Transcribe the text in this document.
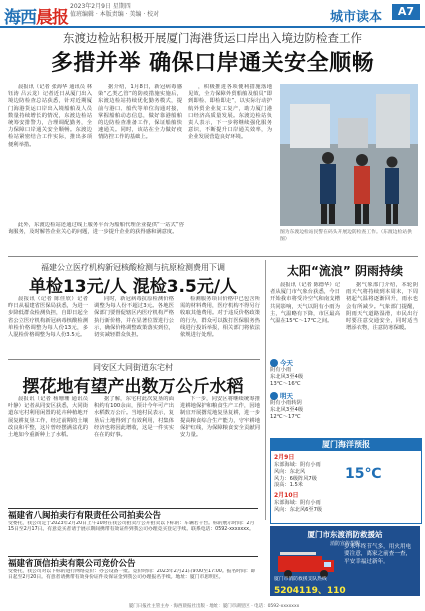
海西晨报
2023年2月9日 星期四
值班编辑 · 本版责编 · 美编 · 校对	城市读本	A7
东渡边检站积极开展厦门海港货运口岸出入境边防检查工作
多措并举 确保口岸通关安全顺畅

晨报讯（记者 张海华 通讯员 林钰涛 吕云龙）记者近日从厦门出入境边防检查总站获悉，针对近期厦门海港货运口岸出入境船舶及人员数量持续增长的情况，东渡边检站统筹安排警力，合理调配勤务，全力保障口岸通关安全顺畅。东渡边检站紧密结合工作实际，推出多项便利举措。

据介绍，1月8日，新冠病毒感染“乙类乙管”的防疫措施实施后，东渡边检站持续优化勤务模式，提前与港口、船代等单位沟通对接，掌握船舶动态信息，做好靠港船舶的边防检查准备工作，保证船舶快速通关。同时，该站在全力做好疫情防控工作的基础上。

，积极推进各项便利措施落地见效，全力保障外贸船舶及船员“即到即检、即检即走”，以实际行动护航外贸企业复工复产，助力厦门港口经济高质量发展。东渡边检站负责人表示，下一步将继续强化服务意识，不断提升口岸通关效率，为企业发展营造良好环境。

此外，东渡边检站还通过线上服务平台为船舶代理企业提供“一站式”咨询服务，及时解答企业关心的问题，进一步提升企业的获得感和满意度。	图为东渡边检站民警在码头开展边防检查工作。（东渡边检站供图）
福建公立医疗机构新冠核酸检测与抗原检测费用下调
单检13元/人 混检3.5元/人

晨报讯（记者 陈佳欣）记者昨日从福建省医保局获悉，为进一步降低群众检测负担，自即日起全省公立医疗机构新冠病毒核酸检测单检价格调整为每人份13元，多人混检价格调整为每人份3.5元。

同时，新冠病毒抗原检测价格调整为每人份不超过3元。各地医保部门要督促辖区内医疗机构严格执行新价格，并在显著位置进行公示，确保价格调整政策落实到位，切实减轻群众负担。

检测服务项目价格中已包含所需的材料费用，医疗机构不得另行收取其他费用。对于违反价格政策的行为，群众可以拨打医保服务热线进行投诉举报，相关部门将依法依规进行处理。

太阳“流浪” 阴雨持续

晨报讯（记者 陈德华）记者从厦门市气象台获悉，今日开始我市将受冷空气和南支槽共同影响，天气以阴有小雨为主，气温略有下降，市区最高气温在15℃～17℃之间。

据气象部门介绍，本轮阴雨天气将持续到本周末，下周初起气温将逐渐回升，雨水也会有所减少。气象部门提醒，阴雨天气道路湿滑，市民出行时要注意交通安全，同时适当增添衣物，注意防寒保暖。

今天
阴有小雨
东北风3至4级
13℃～16℃
明天
阴有小雨转阴
东北风3至4级
12℃～17℃
同安区大同街道东宅村
摆花地有望产出数万公斤水稻

晨报讯（记者 杨珊珊 通讯员 叶静）记者从同安区获悉，大同街道东宅村利用闲置的花卉种植地开展复耕复垦工作，经过前期的土壤改良和平整，这片曾经摆满盆花的土地如今重新种上了水稻。

据了解，东宅村此次复垦的面积约有100余亩，预计今年可产出水稻数万公斤。当地村民表示，复垦后土地得到了有效利用，村集体经济也将因此增收，这是一件实实在在的好事。

下一步，同安区将继续统筹推进耕地保护和粮食生产工作，因地制宜开展撂荒地复垦复耕，进一步提高粮食综合生产能力，守牢耕地保护红线，为保障粮食安全贡献同安力量。

福建省八闽拍卖行有限责任公司拍卖公告
受委托，我公司定于2023年2月20日上午10时在我公司拍卖厅公开拍卖以下标的：车辆若干台。标的展示时间：2月15日至2月17日。有意竞买者请于展示期间携带有效证件到我公司办理竞买登记手续。联系电话：0592-xxxxxxx。
福建省顶信拍卖有限公司竞价公告
受委托，我公司对以下标的进行网络竞价：办公设备一批。竞价时间：2023年2月21日9:00至17:00。报名时间：即日起至2月20日。有意者请携带有效身份证件及保证金到我公司办理报名手续。地址：厦门市思明区。
厦门海洋预报
2月9日
东部海域：阴有小雨
风向：东北风
风力：6级阵风7级
浪高：1.5米
2月10日
东部海域：阴有小雨
风向：东北风6至7级
15℃
厦门市东渡消防救援站
消防宣传提醒
岁末年终节气多，用火用电要注意，离家之前查一查，平安幸福过新年。
厦门市消防救援支队热线
5204119、110
厦门日报社主管主办 · 海西晨报社出版 · 地址：厦门市湖里区 · 电话：0592-xxxxxxx
